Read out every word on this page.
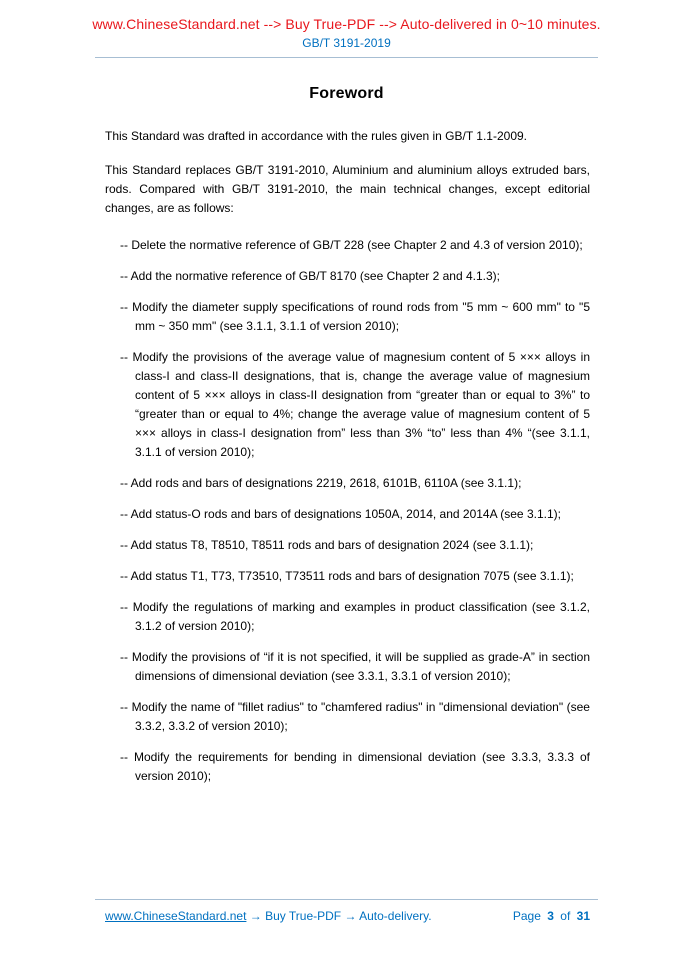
www.ChineseStandard.net --> Buy True-PDF --> Auto-delivered in 0~10 minutes.
GB/T 3191-2019
Foreword

This Standard was drafted in accordance with the rules given in GB/T 1.1-2009.

This Standard replaces GB/T 3191-2010, Aluminium and aluminium alloys extruded bars, rods. Compared with GB/T 3191-2010, the main technical changes, except editorial changes, are as follows:

-- Delete the normative reference of GB/T 228 (see Chapter 2 and 4.3 of version 2010);
-- Add the normative reference of GB/T 8170 (see Chapter 2 and 4.1.3);
-- Modify the diameter supply specifications of round rods from "5 mm ~ 600 mm" to "5 mm ~ 350 mm" (see 3.1.1, 3.1.1 of version 2010);
-- Modify the provisions of the average value of magnesium content of 5 ××× alloys in class-I and class-II designations, that is, change the average value of magnesium content of 5 ××× alloys in class-II designation from “greater than or equal to 3%” to “greater than or equal to 4%; change the average value of magnesium content of 5 ××× alloys in class-I designation from” less than 3% “to” less than 4% “(see 3.1.1, 3.1.1 of version 2010);
-- Add rods and bars of designations 2219, 2618, 6101B, 6110A (see 3.1.1);
-- Add status-O rods and bars of designations 1050A, 2014, and 2014A (see 3.1.1);
-- Add status T8, T8510, T8511 rods and bars of designation 2024 (see 3.1.1);
-- Add status T1, T73, T73510, T73511 rods and bars of designation 7075 (see 3.1.1);
-- Modify the regulations of marking and examples in product classification (see 3.1.2, 3.1.2 of version 2010);
-- Modify the provisions of “if it is not specified, it will be supplied as grade-A” in section dimensions of dimensional deviation (see 3.3.1, 3.3.1 of version 2010);
-- Modify the name of "fillet radius" to "chamfered radius" in "dimensional deviation" (see 3.3.2, 3.3.2 of version 2010);
-- Modify the requirements for bending in dimensional deviation (see 3.3.3, 3.3.3 of version 2010);
www.ChineseStandard.net → Buy True-PDF → Auto-delivery.	Page 3 of 31
